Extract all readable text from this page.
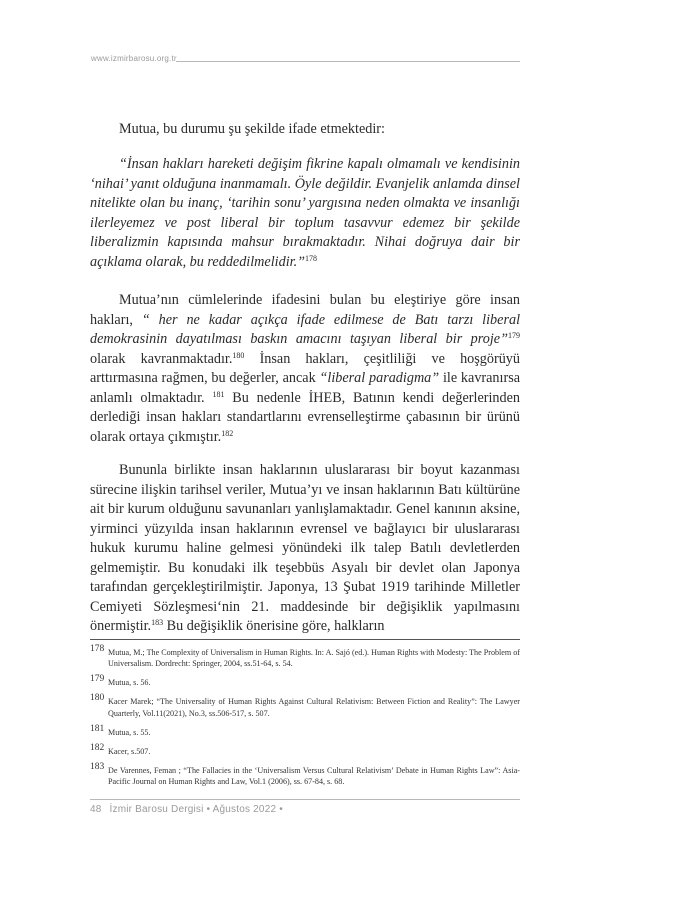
www.izmirbarosu.org.tr

Mutua, bu durumu şu şekilde ifade etmektedir:

“İnsan hakları hareketi değişim fikrine kapalı olmamalı ve kendisinin ‘nihai’ yanıt olduğuna inanmamalı. Öyle değildir. Evanjelik anlamda dinsel nitelikte olan bu inanç, ‘tarihin sonu’ yargısına neden olmakta ve insanlığı ilerleyemez ve post liberal bir toplum tasavvur edemez bir şekilde liberalizmin kapısında mahsur bırakmaktadır. Nihai doğruya dair bir açıklama olarak, bu reddedilmelidir.”$^{178}$

Mutua’nın cümlelerinde ifadesini bulan bu eleştiriye göre insan hakları, “ her ne kadar açıkça ifade edilmese de Batı tarzı liberal demokrasinin dayatılması baskın amacını taşıyan liberal bir proje”$^{179}$ olarak kavranmaktadır.$^{180}$ İnsan hakları, çeşitliliği ve hoşgörüyü arttırmasına rağmen, bu değerler, ancak “liberal paradigma” ile kavranırsa anlamlı olmaktadır. $^{181}$ Bu nedenle İHEB, Batının kendi değerlerinden derlediği insan hakları standartlarını evrenselleştirme çabasının bir ürünü olarak ortaya çıkmıştır.$^{182}$

Bununla birlikte insan haklarının uluslararası bir boyut kazanması sürecine ilişkin tarihsel veriler, Mutua’yı ve insan haklarının Batı kültürüne ait bir kurum olduğunu savunanları yanlışlamaktadır. Genel kanının aksine, yirminci yüzyılda insan haklarının evrensel ve bağlayıcı bir uluslararası hukuk kurumu haline gelmesi yönündeki ilk talep Batılı devletlerden gelmemiştir. Bu konudaki ilk teşebbüs Asyalı bir devlet olan Japonya tarafından gerçekleştirilmiştir. Japonya, 13 Şubat 1919 tarihinde Milletler Cemiyeti Sözleşmesi‘nin 21. maddesinde bir değişiklik yapılmasını önermiştir.$^{183}$ Bu değişiklik önerisine göre, halkların

178 Mutua, M.; The Complexity of Universalism in Human Rights. In: A. Sajó (ed.). Human Rights with Modesty: The Problem of Universalism. Dordrecht: Springer, 2004, ss.51-64, s. 54.
179 Mutua, s. 56.
180 Kacer Marek; “The Universality of Human Rights Against Cultural Relativism: Between Fiction and Reality”: The Lawyer Quarterly, Vol.11(2021), No.3, ss.506-517, s. 507.
181 Mutua, s. 55.
182 Kacer, s.507.
183 De Varennes, Feman ; “The Fallacies in the ‘Universalism Versus Cultural Relativism’ Debate in Human Rights Law”: Asia-Pacific Journal on Human Rights and Law, Vol.1 (2006), ss. 67-84, s. 68.
48 İzmir Barosu Dergisi • Ağustos 2022 •
